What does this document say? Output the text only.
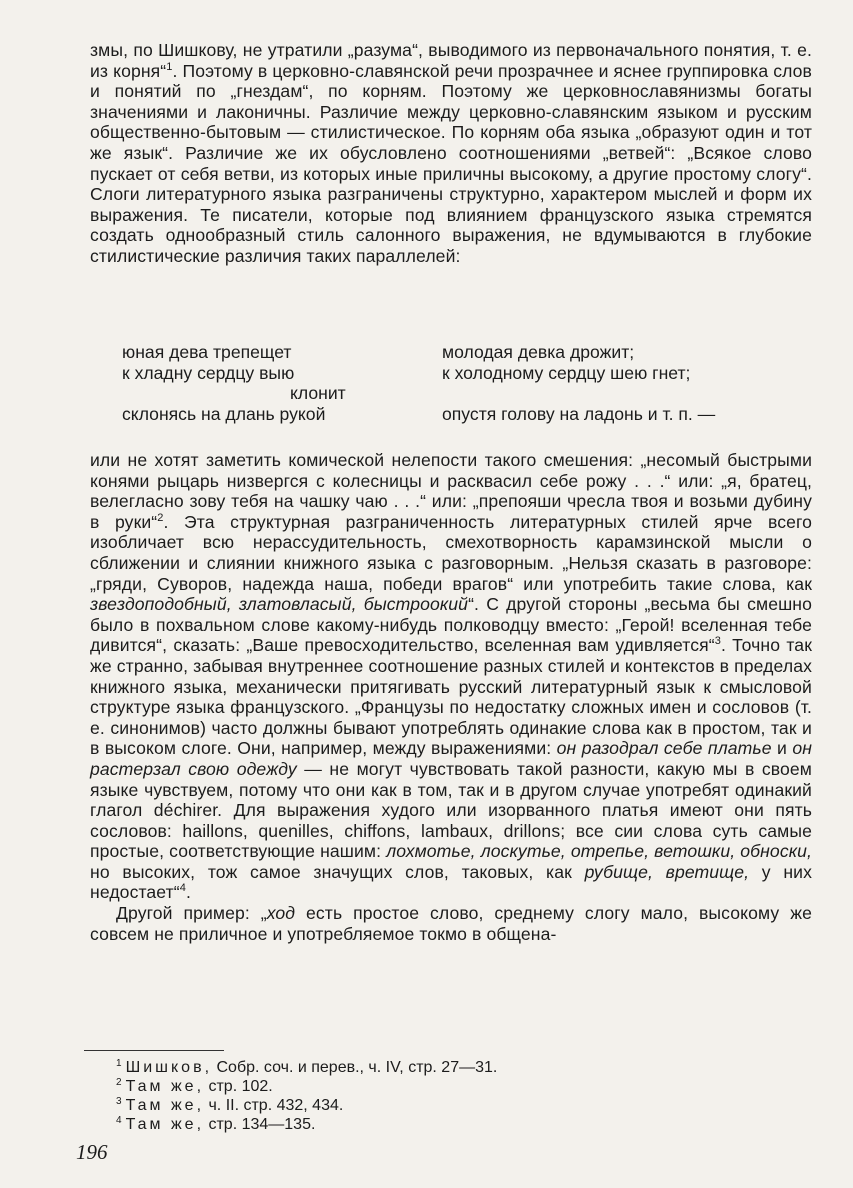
змы, по Шишкову, не утратили „разума“, выводимого из первоначального понятия, т. е. из корня“$^1$. Поэтому в церковно-славянской речи прозрачнее и яснее группировка слов и понятий по „гнездам“, по корням. Поэтому же церковнославянизмы богаты значениями и лаконичны. Различие между церковно-славянским языком и русским общественно-бытовым — стилистическое. По корням оба языка „образуют один и тот же язык“. Различие же их обусловлено соотношениями „ветвей“: „Всякое слово пускает от себя ветви, из которых иные приличны высокому, а другие простому слогу“. Слоги литературного языка разграничены структурно, характером мыслей и форм их выражения. Те писатели, которые под влиянием французского языка стремятся создать однообразный стиль салонного выражения, не вдумываются в глубокие стилистические различия таких параллелей:

юная дева трепещет	молодая девка дрожит;
к хладну сердцу выю	к холодному сердцу шею гнет;
клонит
склонясь на длань рукой	опустя голову на ладонь и т. п. —

или не хотят заметить комической нелепости такого смешения: „несомый быстрыми конями рыцарь низвергся с колесницы и расквасил себе рожу . . .“ или: „я, братец, велегласно зову тебя на чашку чаю . . .“ или: „препояши чресла твоя и возьми дубину в руки“$^2$. Эта структурная разграниченность литературных стилей ярче всего изобличает всю нерассудительность, смехотворность карамзинской мысли о сближении и слиянии книжного языка с разговорным. „Нельзя сказать в разговоре: „гряди, Суворов, надежда наша, победи врагов“ или употребить такие слова, как звездоподобный, златовласый, быстроокий“. С другой стороны „весьма бы смешно было в похвальном слове какому-нибудь полководцу вместо: „Герой! вселенная тебе дивится“, сказать: „Ваше превосходительство, вселенная вам удивляется“$^3$. Точно так же странно, забывая внутреннее соотношение разных стилей и контекстов в пределах книжного языка, механически притягивать русский литературный язык к смысловой структуре языка французского. „Французы по недостатку сложных имен и сословов (т. е. синонимов) часто должны бывают употреблять одинакие слова как в простом, так и в высоком слоге. Они, например, между выражениями: он разодрал себе платье и он растерзал свою одежду — не могут чувствовать такой разности, какую мы в своем языке чувствуем, потому что они как в том, так и в другом случае употребят одинакий глагол déchirer. Для выражения худого или изорванного платья имеют они пять сословов: haillons, quenilles, chiffons, lambaux, drillons; все сии слова суть самые простые, соответствующие нашим: лохмотье, лоскутье, отрепье, ветошки, обноски, но высоких, тож самое значущих слов, таковых, как рубище, вретище, у них недостает“$^4$.

Другой пример: „ход есть простое слово, среднему слогу мало, высокому же совсем не приличное и употребляемое токмо в общена-

$^1$ Шишков, Собр. соч. и перев., ч. IV, стр. 27—31.
$^2$ Там же, стр. 102.
$^3$ Там же, ч. II. стр. 432, 434.
$^4$ Там же, стр. 134—135.
196
